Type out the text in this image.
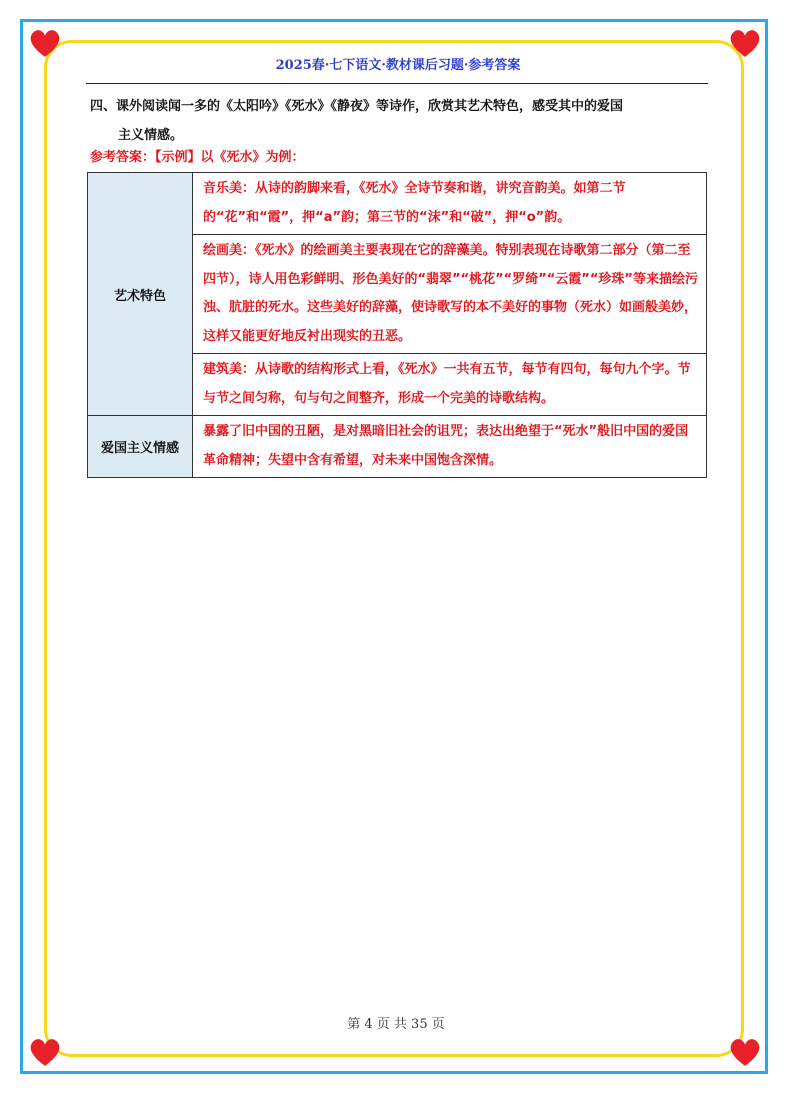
2025春·七下语文·教材课后习题·参考答案
四、课外阅读闻一多的《太阳吟》《死水》《静夜》等诗作，欣赏其艺术特色，感受其中的爱国
主义情感。
参考答案：【示例】以《死水》为例：
艺术特色	音乐美：从诗的韵脚来看，《死水》全诗节奏和谐，讲究音韵美。如第二节的“花”和“霞”，押“a”韵；第三节的“沫”和“破”，押“o”韵。
	绘画美：《死水》的绘画美主要表现在它的辞藻美。特别表现在诗歌第二部分（第二至四节），诗人用色彩鲜明、形色美好的“翡翠”“桃花”“罗绮”“云霞”“珍珠”等来描绘污浊、肮脏的死水。这些美好的辞藻，使诗歌写的本不美好的事物（死水）如画般美妙，这样又能更好地反衬出现实的丑恶。
	建筑美：从诗歌的结构形式上看，《死水》一共有五节，每节有四句，每句九个字。节与节之间匀称，句与句之间整齐，形成一个完美的诗歌结构。
爱国主义情感	暴露了旧中国的丑陋，是对黑暗旧社会的诅咒；表达出绝望于“死水”般旧中国的爱国革命精神；失望中含有希望，对未来中国饱含深情。
第 4 页 共 35 页
